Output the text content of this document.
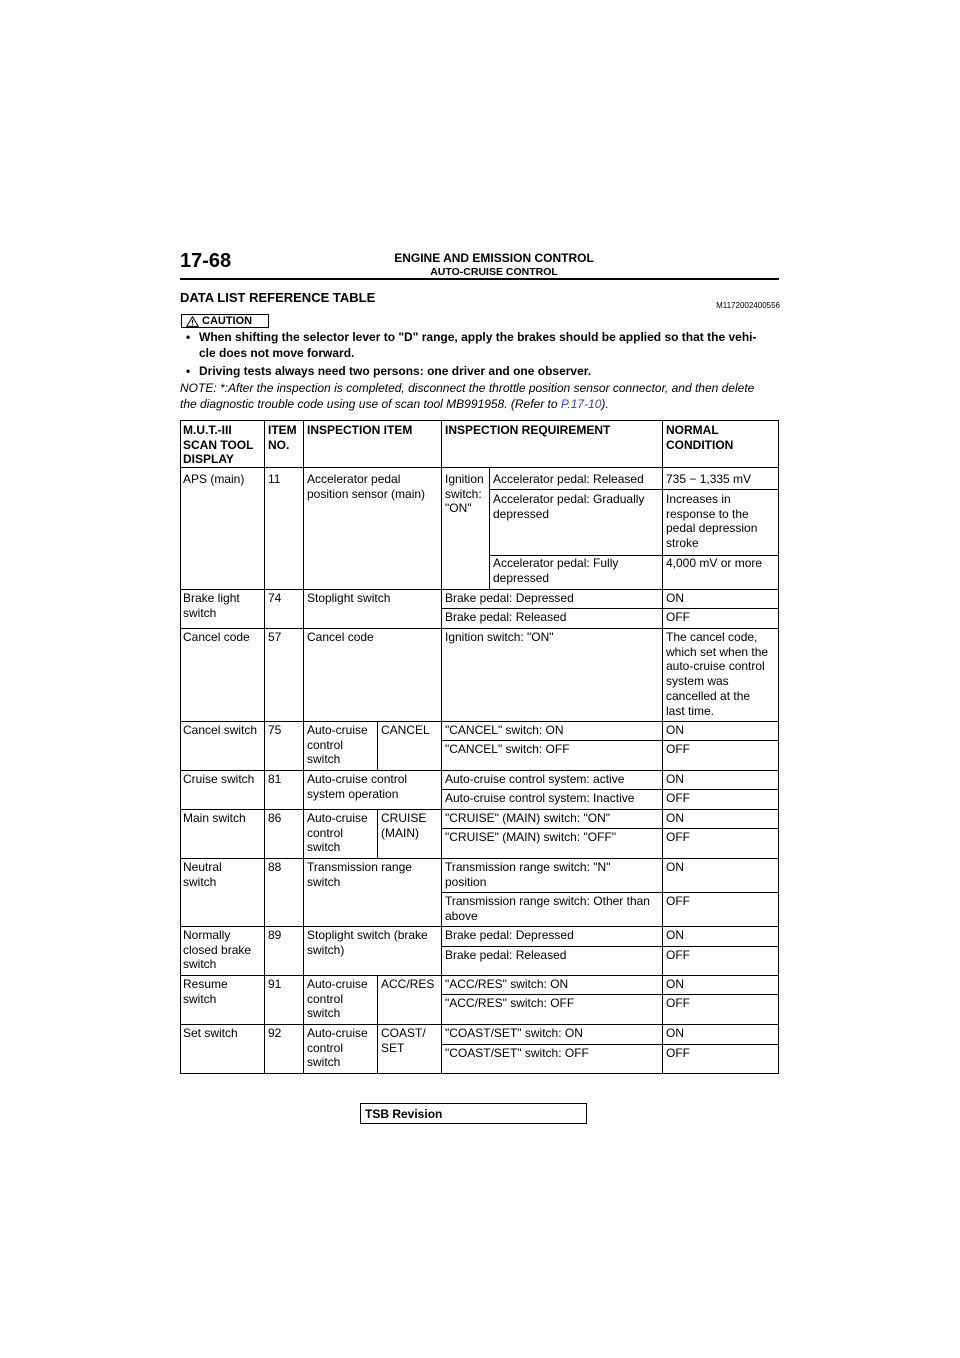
17-68	ENGINE AND EMISSION CONTROL
AUTO-CRUISE CONTROL
DATA LIST REFERENCE TABLE
M1172002400556
CAUTION
• When shifting the selector lever to "D" range, apply the brakes should be applied so that the vehi-
cle does not move forward.
• Driving tests always need two persons: one driver and one observer.
NOTE: *:After the inspection is completed, disconnect the throttle position sensor connector, and then delete
the diagnostic trouble code using use of scan tool MB991958. (Refer to P.17-10).
M.U.T.-III
SCAN TOOL
DISPLAY
ITEM
NO.
INSPECTION ITEM	INSPECTION REQUIREMENT	NORMAL
CONDITION
APS (main) 11 Accelerator pedal
position sensor (main)
Ignition
switch:
"ON"
Accelerator pedal: Released 735 − 1,335 mV
Accelerator pedal: Gradually
depressed
Increases in
response to the
pedal depression
stroke
Accelerator pedal: Fully
depressed
4,000 mV or more
Brake light
switch
74 Stoplight switch	Brake pedal: Depressed	ON
Brake pedal: Released	OFF
Cancel code 57 Cancel code	Ignition switch: "ON"	The cancel code,
which set when the
auto-cruise control
system was
cancelled at the
last time.
Cancel switch 75 Auto-cruise
control
switch
CANCEL "CANCEL" switch: ON	ON
"CANCEL" switch: OFF	OFF
Cruise switch 81 Auto-cruise control
system operation
Auto-cruise control system: active	ON
Auto-cruise control system: Inactive	OFF
Main switch 86 Auto-cruise
control
switch
CRUISE
(MAIN)
"CRUISE" (MAIN) switch: "ON"	ON
"CRUISE" (MAIN) switch: "OFF"	OFF
Neutral
switch
88 Transmission range
switch
Transmission range switch: "N"
position
ON
Transmission range switch: Other than
above
OFF
Normally
closed brake
switch
89 Stoplight switch (brake
switch)
Brake pedal: Depressed	ON
Brake pedal: Released	OFF
Resume
switch
91 Auto-cruise
control
switch
ACC/RES "ACC/RES" switch: ON	ON
"ACC/RES" switch: OFF	OFF
Set switch	92 Auto-cruise
control
switch
COAST/
SET
"COAST/SET" switch: ON	ON
"COAST/SET" switch: OFF	OFF
TSB Revision
